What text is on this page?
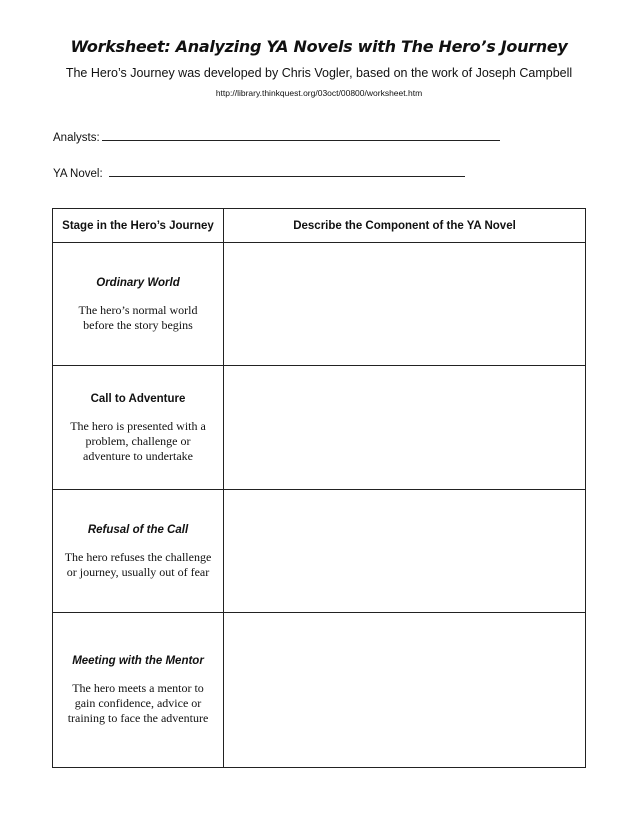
Worksheet: Analyzing YA Novels with The Hero’s Journey
The Hero’s Journey was developed by Chris Vogler, based on the work of Joseph Campbell
http://library.thinkquest.org/03oct/00800/worksheet.htm
Analysts:
YA Novel:
Stage in the Hero’s Journey	Describe the Component of the YA Novel

Ordinary World
The hero’s normal world
before the story begins	

Call to Adventure
The hero is presented with a
problem, challenge or
adventure to undertake	

Refusal of the Call
The hero refuses the challenge
or journey, usually out of fear	

Meeting with the Mentor
The hero meets a mentor to
gain confidence, advice or
training to face the adventure	
